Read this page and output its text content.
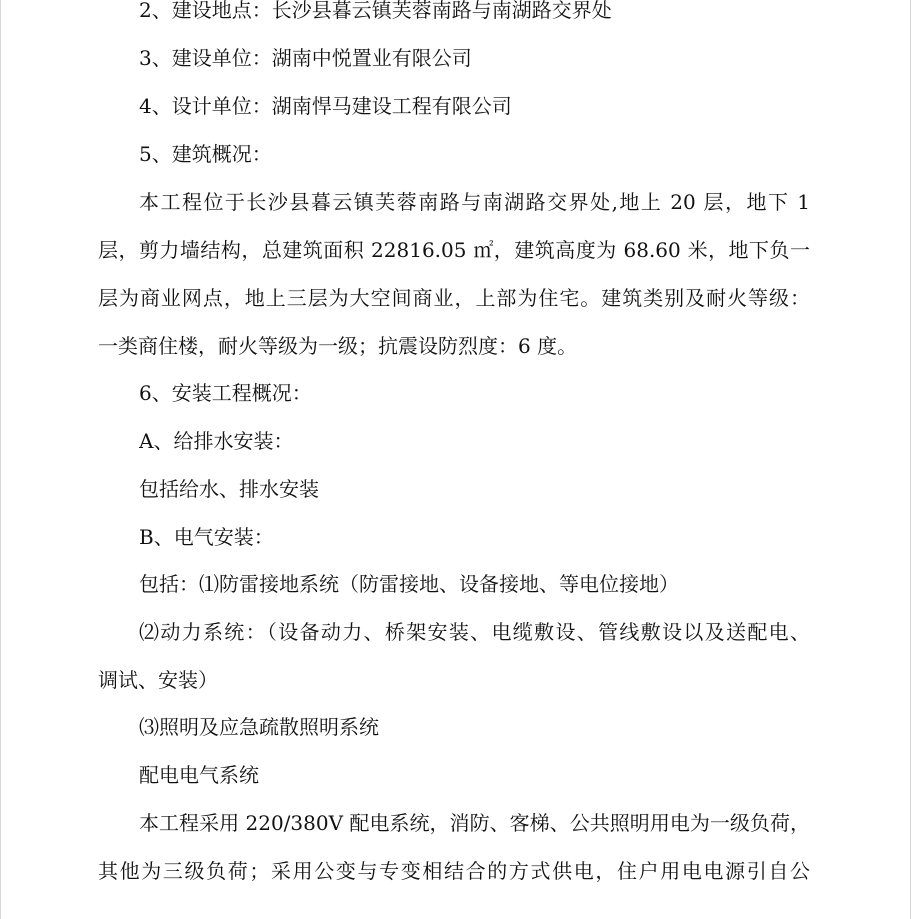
2、建设地点：长沙县暮云镇芙蓉南路与南湖路交界处
3、建设单位：湖南中悦置业有限公司
4、设计单位：湖南悍马建设工程有限公司
5、建筑概况：
本工程位于长沙县暮云镇芙蓉南路与南湖路交界处,地上 20 层，地下 1
层，剪力墙结构，总建筑面积 22816.05 ㎡，建筑高度为 68.60 米，地下负一
层为商业网点，地上三层为大空间商业，上部为住宅。建筑类别及耐火等级：
一类商住楼，耐火等级为一级；抗震设防烈度：6 度。
6、安装工程概况：
A、给排水安装：
包括给水、排水安装
B、电气安装：
包括：⑴防雷接地系统（防雷接地、设备接地、等电位接地）
⑵动力系统：（设备动力、桥架安装、电缆敷设、管线敷设以及送配电、
调试、安装）
⑶照明及应急疏散照明系统
配电电气系统
本工程采用 220/380V 配电系统，消防、客梯、公共照明用电为一级负荷，
其他为三级负荷；采用公变与专变相结合的方式供电，住户用电电源引自公
